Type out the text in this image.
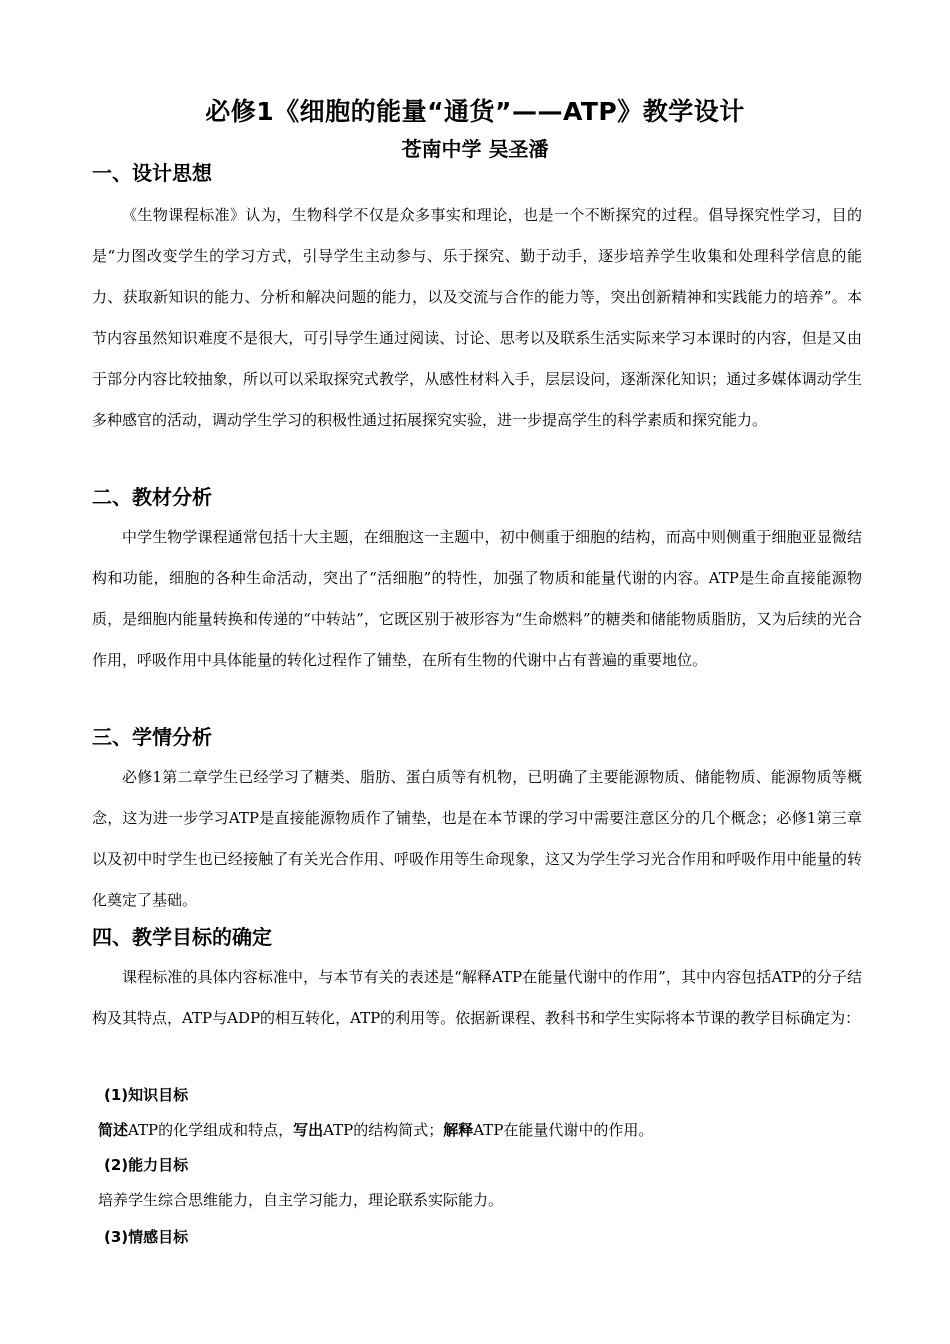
必修1《细胞的能量“通货”——ATP》教学设计
苍南中学 吴圣潘
一、设计思想

《生物课程标准》认为，生物科学不仅是众多事实和理论，也是一个不断探究的过程。倡导探究性学习，目的是“力图改变学生的学习方式，引导学生主动参与、乐于探究、勤于动手，逐步培养学生收集和处理科学信息的能力、获取新知识的能力、分析和解决问题的能力，以及交流与合作的能力等，突出创新精神和实践能力的培养”。本节内容虽然知识难度不是很大，可引导学生通过阅读、讨论、思考以及联系生活实际来学习本课时的内容，但是又由于部分内容比较抽象，所以可以采取探究式教学，从感性材料入手，层层设问，逐渐深化知识；通过多媒体调动学生多种感官的活动，调动学生学习的积极性通过拓展探究实验，进一步提高学生的科学素质和探究能力。

二、教材分析

中学生物学课程通常包括十大主题，在细胞这一主题中，初中侧重于细胞的结构，而高中则侧重于细胞亚显微结构和功能，细胞的各种生命活动，突出了“活细胞”的特性，加强了物质和能量代谢的内容。ATP是生命直接能源物质，是细胞内能量转换和传递的“中转站”，它既区别于被形容为“生命燃料”的糖类和储能物质脂肪，又为后续的光合作用，呼吸作用中具体能量的转化过程作了铺垫，在所有生物的代谢中占有普遍的重要地位。

三、学情分析

必修1第二章学生已经学习了糖类、脂肪、蛋白质等有机物，已明确了主要能源物质、储能物质、能源物质等概念，这为进一步学习ATP是直接能源物质作了铺垫，也是在本节课的学习中需要注意区分的几个概念；必修1第三章以及初中时学生也已经接触了有关光合作用、呼吸作用等生命现象，这又为学生学习光合作用和呼吸作用中能量的转化奠定了基础。

四、教学目标的确定

课程标准的具体内容标准中，与本节有关的表述是“解释ATP在能量代谢中的作用”，其中内容包括ATP的分子结构及其特点，ATP与ADP的相互转化，ATP的利用等。依据新课程、教科书和学生实际将本节课的教学目标确定为：

(1)知识目标
简述ATP的化学组成和特点，写出ATP的结构简式；解释ATP在能量代谢中的作用。
(2)能力目标
培养学生综合思维能力，自主学习能力，理论联系实际能力。
(3)情感目标
